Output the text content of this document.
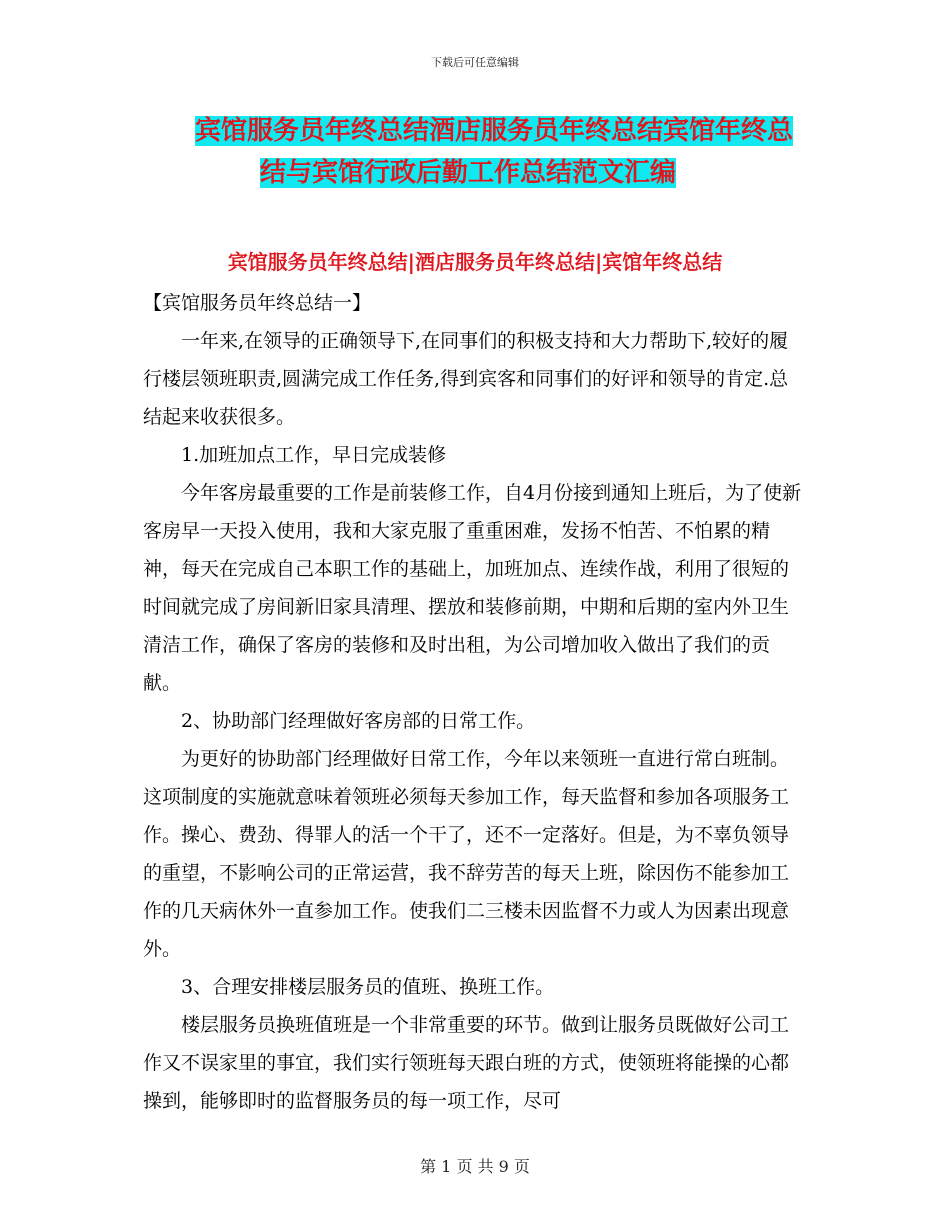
下载后可任意编辑
宾馆服务员年终总结酒店服务员年终总结宾馆年终总
结与宾馆行政后勤工作总结范文汇编
宾馆服务员年终总结|酒店服务员年终总结|宾馆年终总结

【宾馆服务员年终总结一】

一年来,在领导的正确领导下,在同事们的积极支持和大力帮助下,较好的履行楼层领班职责,圆满完成工作任务,得到宾客和同事们的好评和领导的肯定.总结起来收获很多。

1.加班加点工作，早日完成装修

今年客房最重要的工作是前装修工作，自4月份接到通知上班后，为了使新客房早一天投入使用，我和大家克服了重重困难，发扬不怕苦、不怕累的精神，每天在完成自己本职工作的基础上，加班加点、连续作战，利用了很短的时间就完成了房间新旧家具清理、摆放和装修前期，中期和后期的室内外卫生清洁工作，确保了客房的装修和及时出租，为公司增加收入做出了我们的贡献。

2、协助部门经理做好客房部的日常工作。

为更好的协助部门经理做好日常工作，今年以来领班一直进行常白班制。这项制度的实施就意味着领班必须每天参加工作，每天监督和参加各项服务工作。操心、费劲、得罪人的活一个干了，还不一定落好。但是，为不辜负领导的重望，不影响公司的正常运营，我不辞劳苦的每天上班，除因伤不能参加工作的几天病休外一直参加工作。使我们二三楼未因监督不力或人为因素出现意外。

3、合理安排楼层服务员的值班、换班工作。

楼层服务员换班值班是一个非常重要的环节。做到让服务员既做好公司工作又不误家里的事宜，我们实行领班每天跟白班的方式，使领班将能操的心都操到，能够即时的监督服务员的每一项工作，尽可

第 1 页 共 9 页
